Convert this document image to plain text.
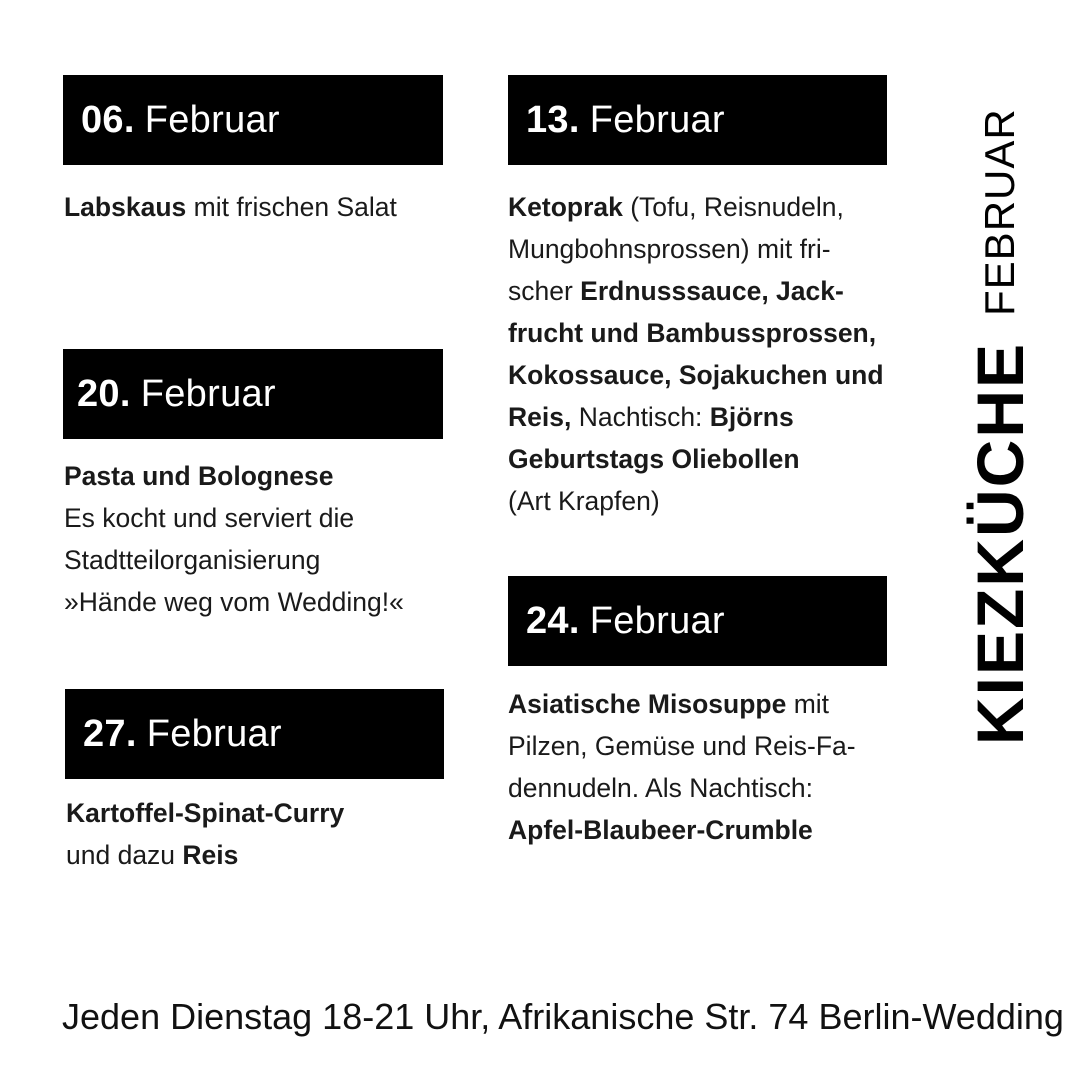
06. Februar
Labskaus mit frischen Salat
20. Februar
Pasta und Bolognese
Es kocht und serviert die
Stadtteilorganisierung
»Hände weg vom Wedding!«
27. Februar
Kartoffel-Spinat-Curry
und dazu Reis
13. Februar
Ketoprak (Tofu, Reisnudeln,
Mungbohnsprossen) mit fri-
scher Erdnusssauce, Jack-
frucht und Bambussprossen,
Kokossauce, Sojakuchen und
Reis, Nachtisch: Björns
Geburtstags Oliebollen
(Art Krapfen)
24. Februar
Asiatische Misosuppe mit
Pilzen, Gemüse und Reis-Fa-
dennudeln. Als Nachtisch:
Apfel-Blaubeer-Crumble
KIEZKÜCHE
FEBRUAR
Jeden Dienstag 18-21 Uhr, Afrikanische Str. 74 Berlin-Wedding
